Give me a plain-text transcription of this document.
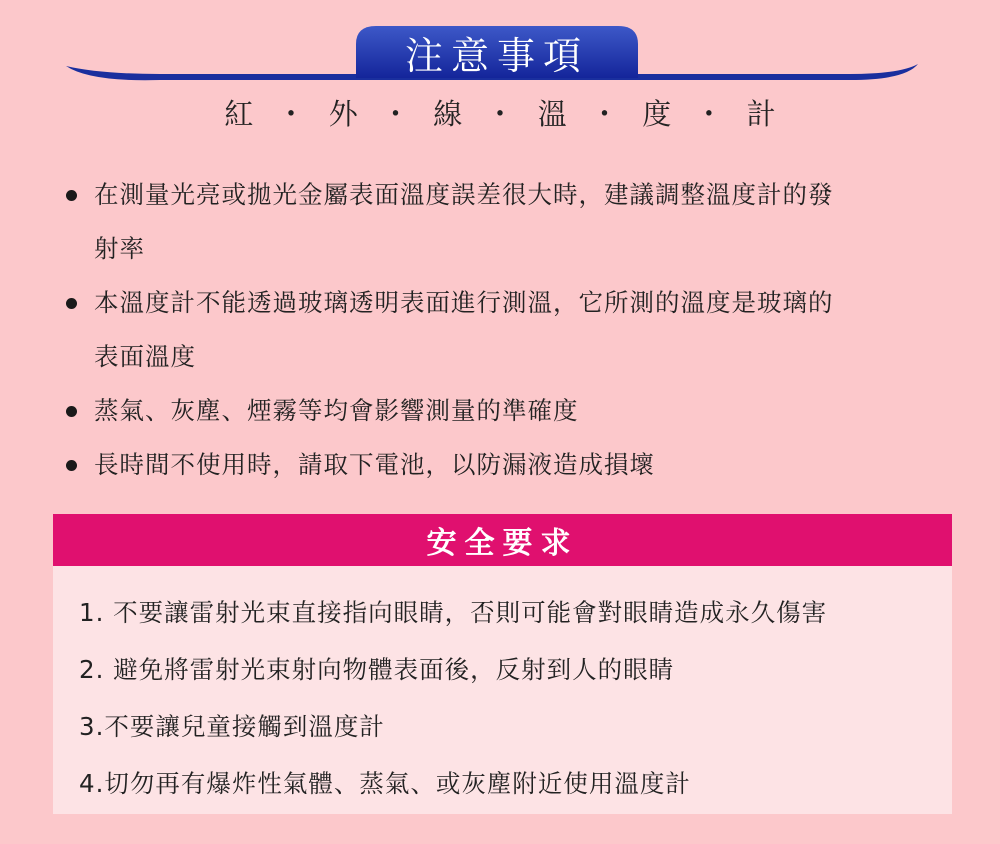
注意事項
紅 ・ 外 ・ 線 ・ 溫 ・ 度 ・ 計
在測量光亮或拋光金屬表面溫度誤差很大時，建議調整溫度計的發
射率
本溫度計不能透過玻璃透明表面進行測溫，它所測的溫度是玻璃的
表面溫度
蒸氣、灰塵、煙霧等均會影響測量的準確度
長時間不使用時，請取下電池，以防漏液造成損壞
安全要求
1. 不要讓雷射光束直接指向眼睛，否則可能會對眼睛造成永久傷害
2. 避免將雷射光束射向物體表面後，反射到人的眼睛
3.不要讓兒童接觸到溫度計
4.切勿再有爆炸性氣體、蒸氣、或灰塵附近使用溫度計
